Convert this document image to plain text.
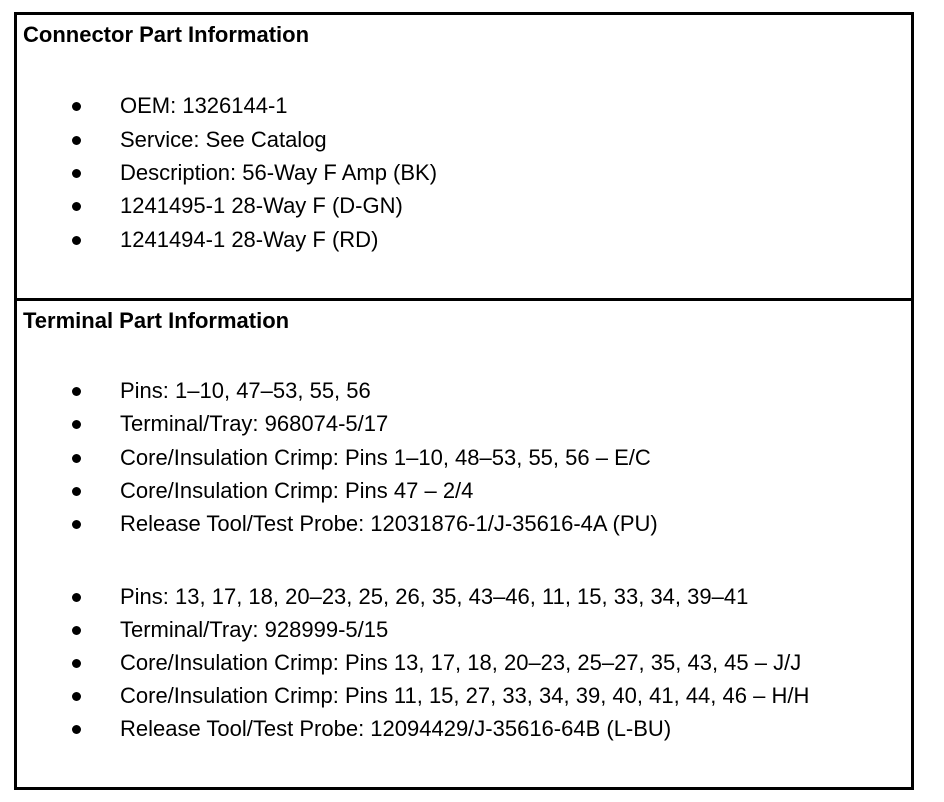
Connector Part Information
OEM: 1326144-1
Service: See Catalog
Description: 56-Way F Amp (BK)
1241495-1 28-Way F (D-GN)
1241494-1 28-Way F (RD)
Terminal Part Information
Pins: 1–10, 47–53, 55, 56
Terminal/Tray: 968074-5/17
Core/Insulation Crimp: Pins 1–10, 48–53, 55, 56 – E/C
Core/Insulation Crimp: Pins 47 – 2/4
Release Tool/Test Probe: 12031876-1/J-35616-4A (PU)
Pins: 13, 17, 18, 20–23, 25, 26, 35, 43–46, 11, 15, 33, 34, 39–41
Terminal/Tray: 928999-5/15
Core/Insulation Crimp: Pins 13, 17, 18, 20–23, 25–27, 35, 43, 45 – J/J
Core/Insulation Crimp: Pins 11, 15, 27, 33, 34, 39, 40, 41, 44, 46 – H/H
Release Tool/Test Probe: 12094429/J-35616-64B (L-BU)
